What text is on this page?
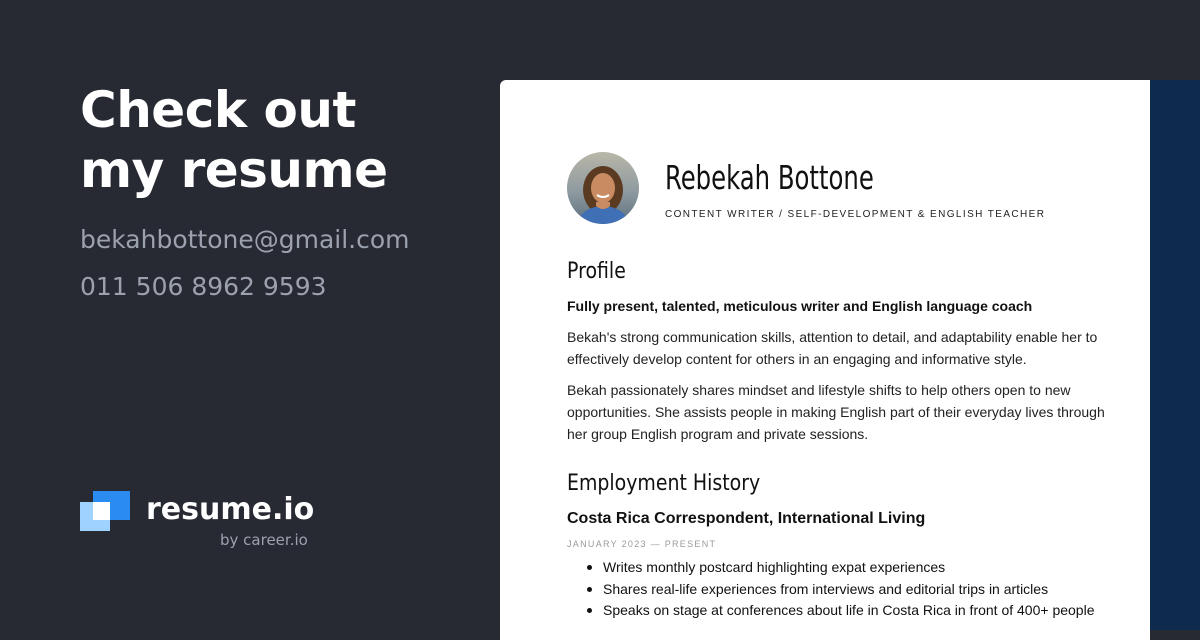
Check out
my resume
bekahbottone@gmail.com
011 506 8962 9593
resume.io
by career.io
Rebekah Bottone
CONTENT WRITER / SELF-DEVELOPMENT & ENGLISH TEACHER
Profile
Fully present, talented, meticulous writer and English language coach

Bekah's strong communication skills, attention to detail, and adaptability enable her to effectively develop content for others in an engaging and informative style.

Bekah passionately shares mindset and lifestyle shifts to help others open to new opportunities. She assists people in making English part of their everyday lives through her group English program and private sessions.

Employment History
Costa Rica Correspondent, International Living
JANUARY 2023 — PRESENT
Writes monthly postcard highlighting expat experiences
Shares real-life experiences from interviews and editorial trips in articles
Speaks on stage at conferences about life in Costa Rica in front of 400+ people
